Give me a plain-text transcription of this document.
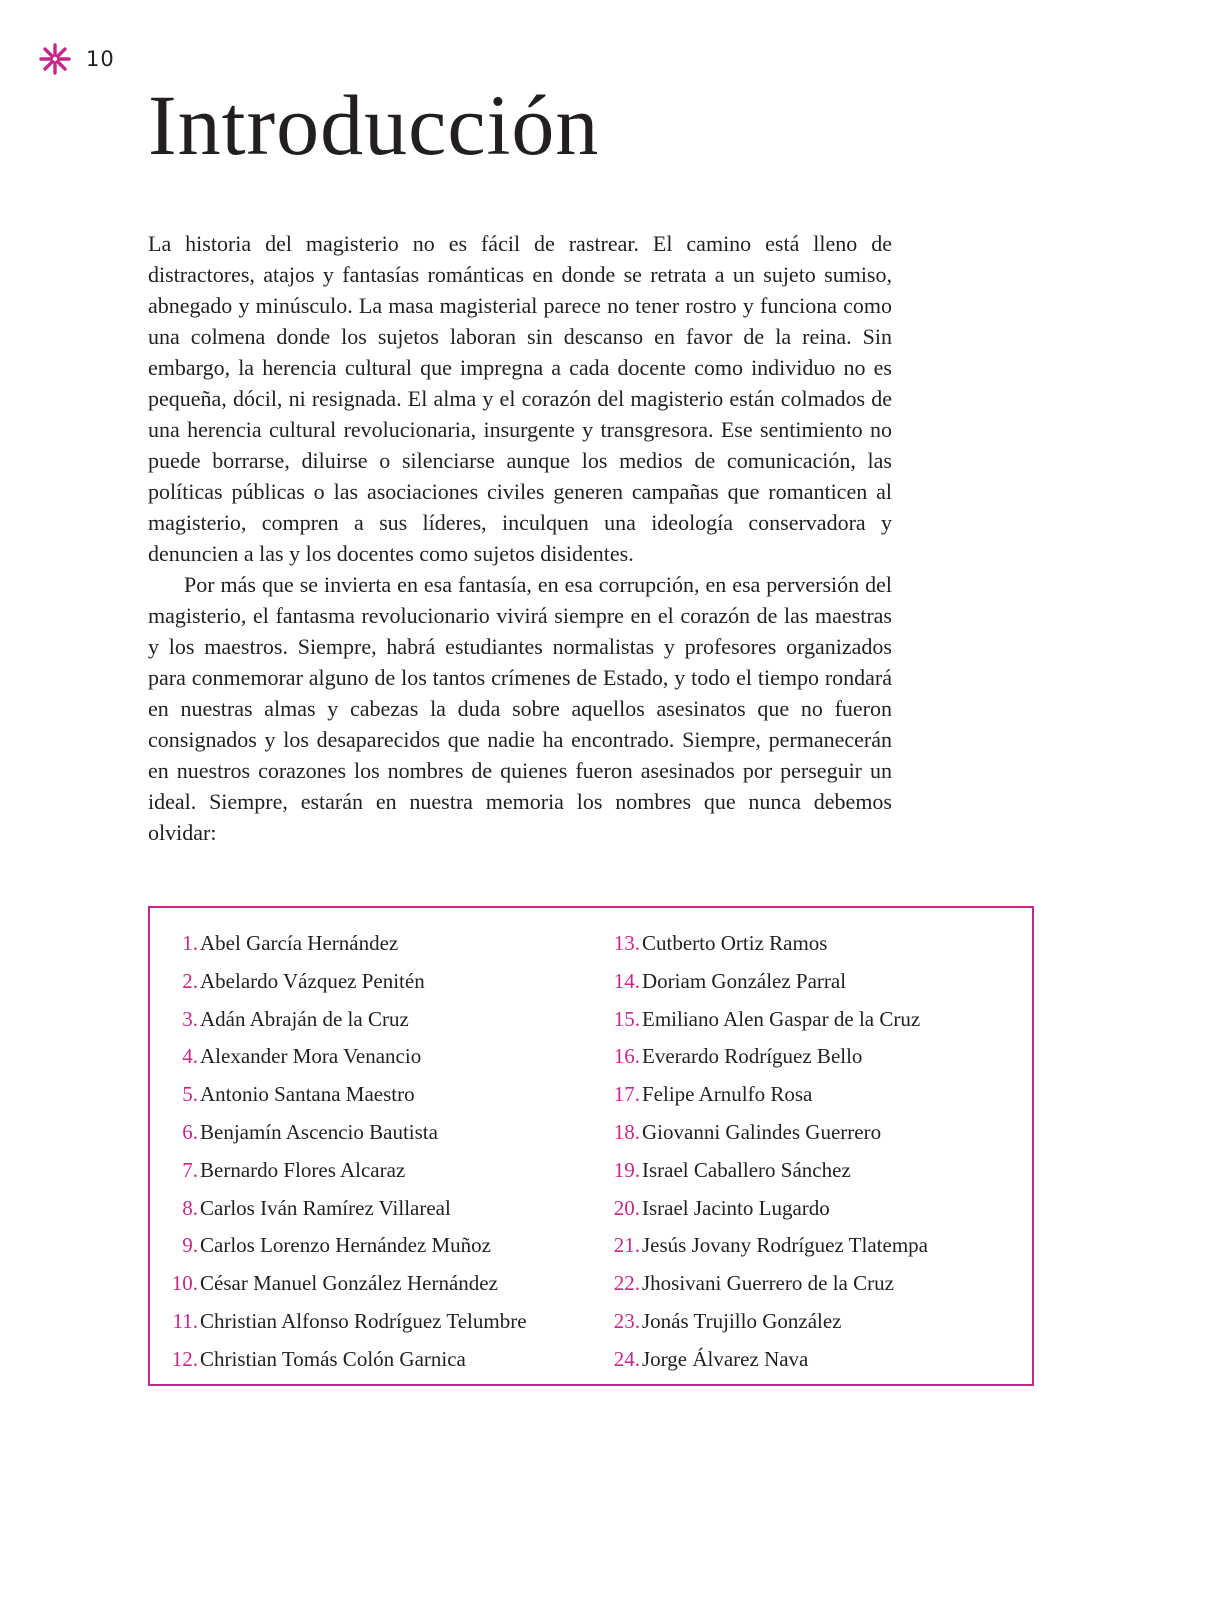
10
Introducción

La historia del magisterio no es fácil de rastrear. El camino está lleno de distractores, atajos y fantasías románticas en donde se retrata a un sujeto sumiso, abnegado y minúsculo. La masa magisterial parece no tener rostro y funciona como una colmena donde los sujetos laboran sin descanso en favor de la reina. Sin embargo, la herencia cultural que impregna a cada docente como individuo no es pequeña, dócil, ni resignada. El alma y el corazón del magisterio están colmados de una herencia cultural revolucionaria, insurgente y transgresora. Ese sentimiento no puede borrarse, diluirse o silenciarse aunque los medios de comunicación, las políticas públicas o las asociaciones civiles generen campañas que romanticen al magisterio, compren a sus líderes, inculquen una ideología conservadora y denuncien a las y los docentes como sujetos disidentes.

Por más que se invierta en esa fantasía, en esa corrupción, en esa perversión del magisterio, el fantasma revolucionario vivirá siempre en el corazón de las maestras y los maestros. Siempre, habrá estudiantes normalistas y profesores organizados para conmemorar alguno de los tantos crímenes de Estado, y todo el tiempo rondará en nuestras almas y cabezas la duda sobre aquellos asesinatos que no fueron consignados y los desaparecidos que nadie ha encontrado. Siempre, permanecerán en nuestros corazones los nombres de quienes fueron asesinados por perseguir un ideal. Siempre, estarán en nuestra memoria los nombres que nunca debemos olvidar:

1. Abel García Hernández
2. Abelardo Vázquez Penitén
3. Adán Abraján de la Cruz
4. Alexander Mora Venancio
5. Antonio Santana Maestro
6. Benjamín Ascencio Bautista
7. Bernardo Flores Alcaraz
8. Carlos Iván Ramírez Villareal
9. Carlos Lorenzo Hernández Muñoz
10. César Manuel González Hernández
11. Christian Alfonso Rodríguez Telumbre
12. Christian Tomás Colón Garnica
13. Cutberto Ortiz Ramos
14. Doriam González Parral
15. Emiliano Alen Gaspar de la Cruz
16. Everardo Rodríguez Bello
17. Felipe Arnulfo Rosa
18. Giovanni Galindes Guerrero
19. Israel Caballero Sánchez
20. Israel Jacinto Lugardo
21. Jesús Jovany Rodríguez Tlatempa
22. Jhosivani Guerrero de la Cruz
23. Jonás Trujillo González
24. Jorge Álvarez Nava
